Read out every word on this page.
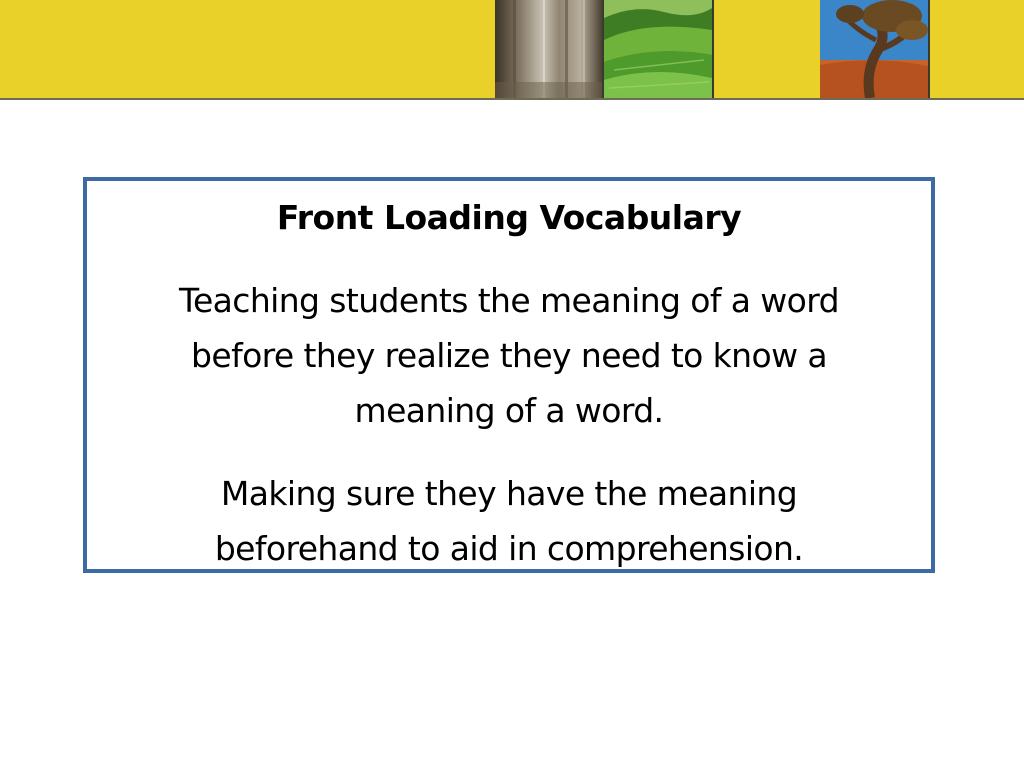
Front Loading Vocabulary

Teaching students the meaning of a word before they realize they need to know a meaning of a word.

Making sure they have the meaning beforehand to aid in comprehension.
